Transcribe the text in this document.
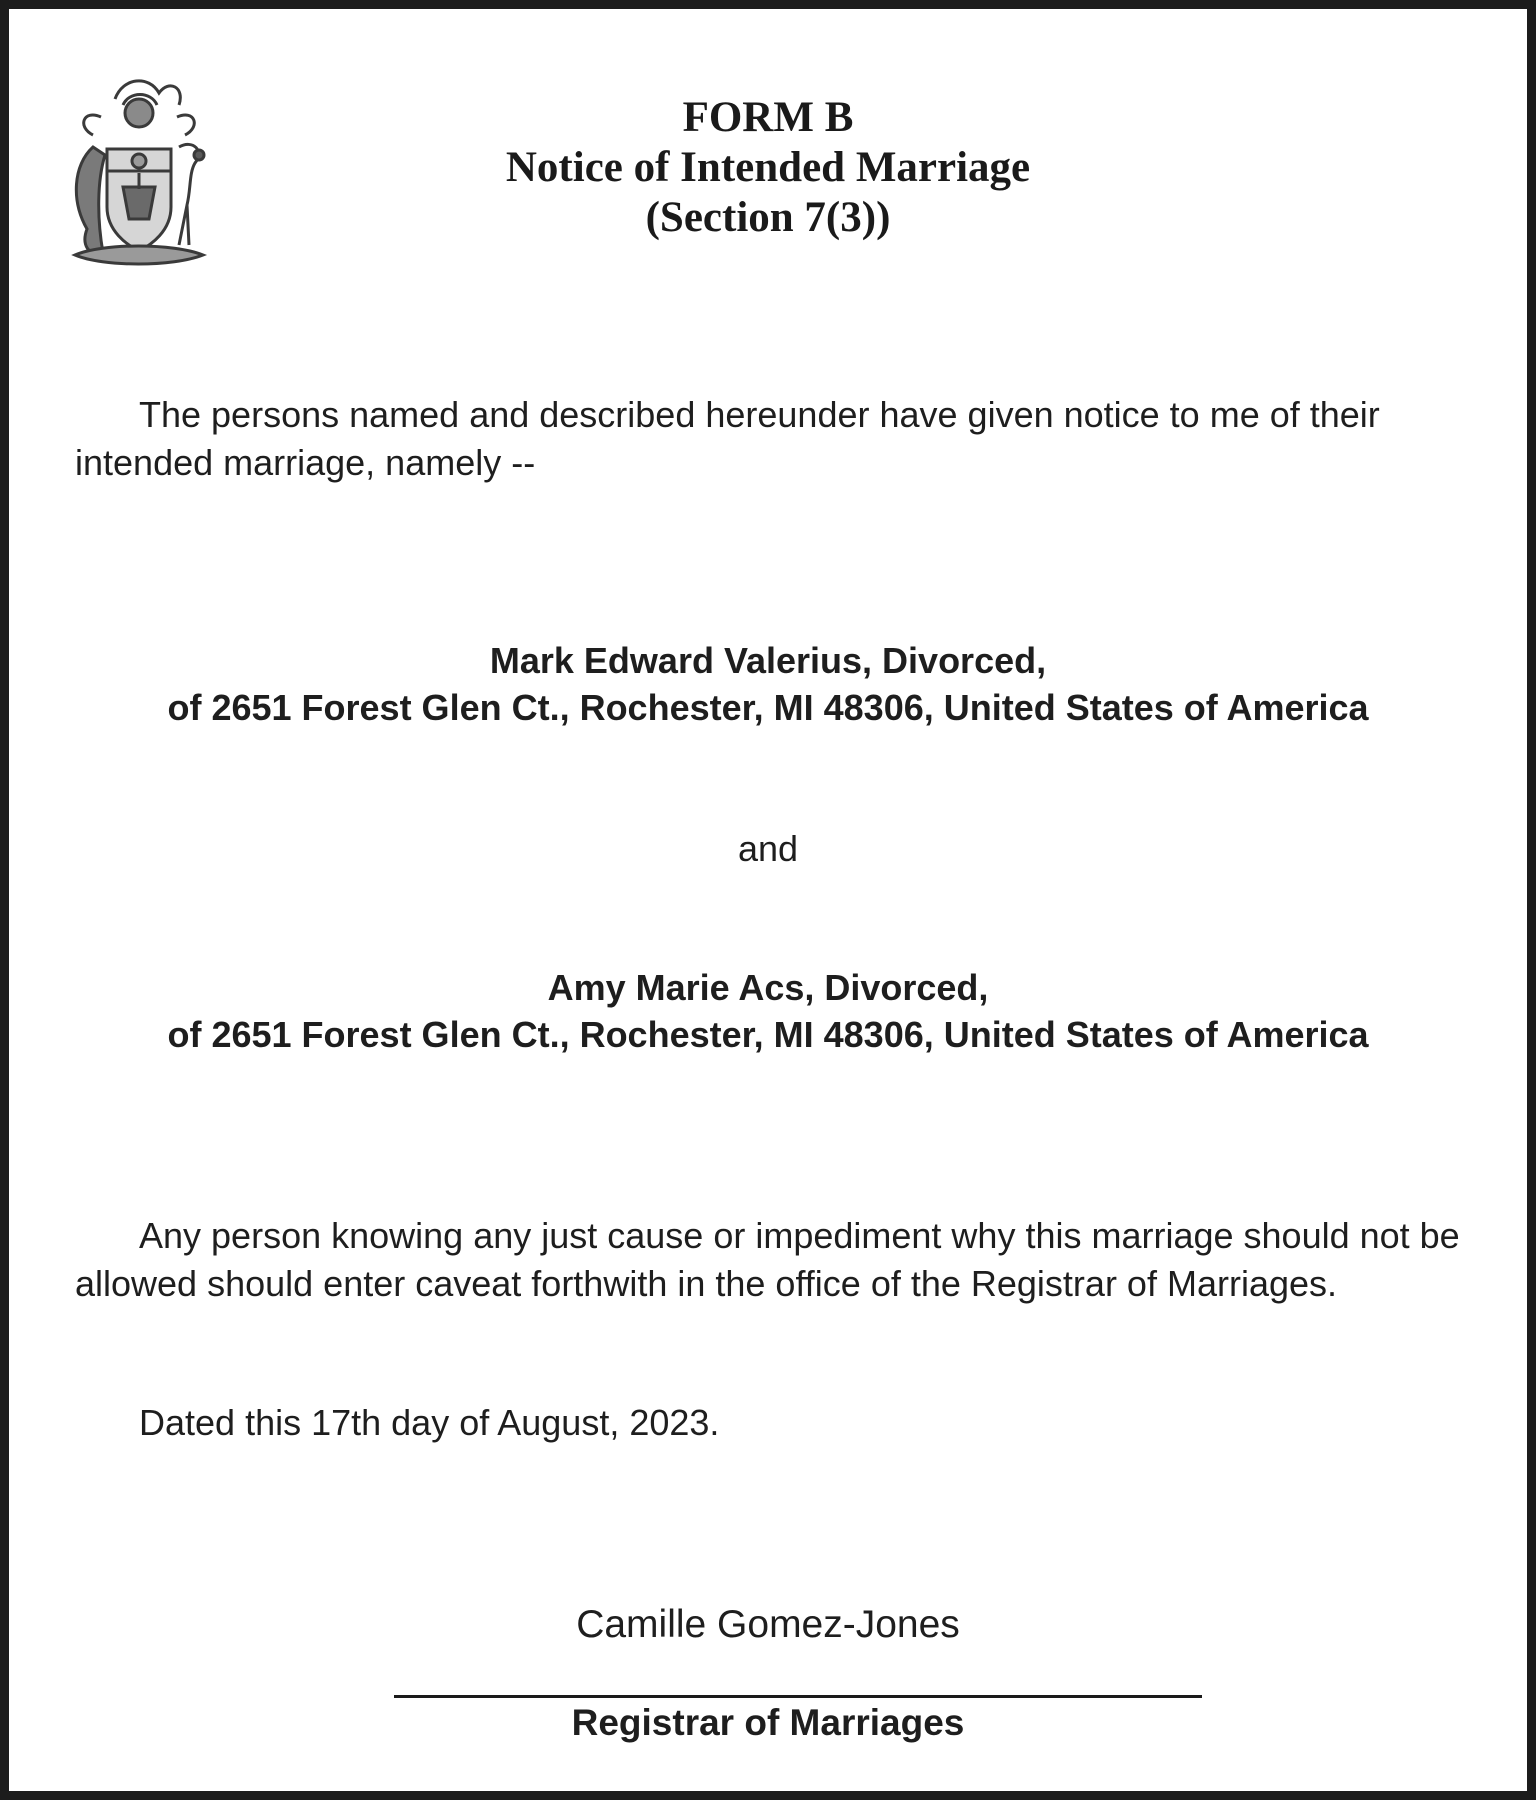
FORM B
Notice of Intended Marriage
(Section 7(3))

The persons named and described hereunder have given notice to me of their intended marriage, namely --

Mark Edward Valerius, Divorced,
of 2651 Forest Glen Ct., Rochester, MI 48306, United States of America
and
Amy Marie Acs, Divorced,
of 2651 Forest Glen Ct., Rochester, MI 48306, United States of America

Any person knowing any just cause or impediment why this marriage should not be allowed should enter caveat forthwith in the office of the Registrar of Marriages.

Dated this 17th day of August, 2023.
Camille Gomez-Jones
Registrar of Marriages
